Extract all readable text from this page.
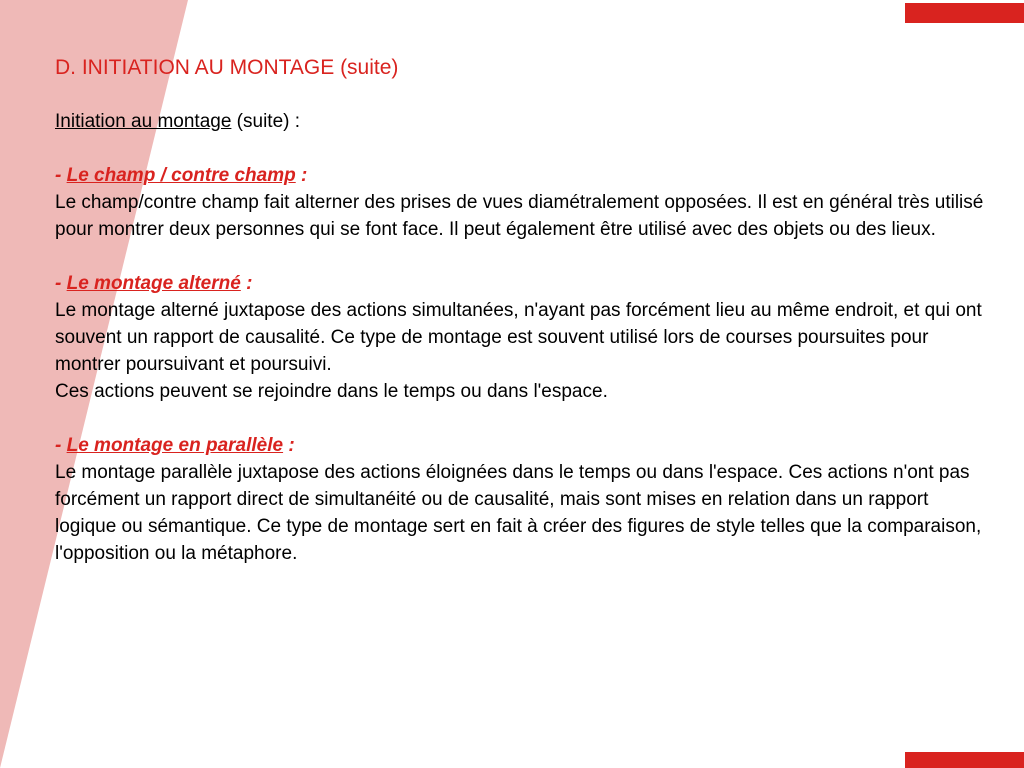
D. INITIATION AU MONTAGE (suite)

Initiation au montage (suite) :

- Le champ / contre champ :

Le champ/contre champ fait alterner des prises de vues diamétralement opposées. Il est en général très utilisé pour montrer deux personnes qui se font face. Il peut également être utilisé avec des objets ou des lieux.

- Le montage alterné :

Le montage alterné juxtapose des actions simultanées, n'ayant pas forcément lieu au même endroit, et qui ont souvent un rapport de causalité. Ce type de montage est souvent utilisé lors de courses poursuites pour montrer poursuivant et poursuivi.

Ces actions peuvent se rejoindre dans le temps ou dans l'espace.

- Le montage en parallèle :

Le montage parallèle juxtapose des actions éloignées dans le temps ou dans l'espace. Ces actions n'ont pas forcément un rapport direct de simultanéité ou de causalité, mais sont mises en relation dans un rapport logique ou sémantique. Ce type de montage sert en fait à créer des figures de style telles que la comparaison, l'opposition ou la métaphore.
